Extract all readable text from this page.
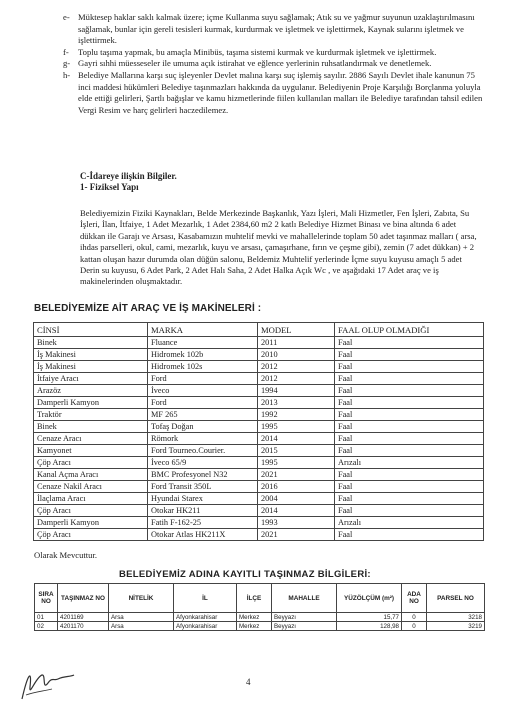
e- Müktesep haklar saklı kalmak üzere; içme Kullanma suyu sağlamak; Atık su ve yağmur suyunun uzaklaştırılmasını sağlamak, bunlar için gereli tesisleri kurmak, kurdurmak ve işletmek ve işlettirmek, Kaynak sularını işletmek ve işlettirmek.

f- Toplu taşıma yapmak, bu amaçla Minibüs, taşıma sistemi kurmak ve kurdurmak işletmek ve işlettirmek.

g- Gayri sıhhi müesseseler ile umuma açık istirahat ve eğlence yerlerinin ruhsatlandırmak ve denetlemek.

h- Belediye Mallarına karşı suç işleyenler Devlet malına karşı suç işlemiş sayılır. 2886 Sayılı Devlet ihale kanunun 75 inci maddesi hükümleri Belediye taşınmazları hakkında da uygulanır. Belediyenin Proje Karşılığı Borçlanma yoluyla elde ettiği gelirleri, Şartlı bağışlar ve kamu hizmetlerinde fiilen kullanılan malları ile Belediye tarafından tahsil edilen Vergi Resim ve harç gelirleri haczedilemez.

C-İdareye ilişkin Bilgiler.
1- Fiziksel Yapı

Belediyemizin Fiziki Kaynakları, Belde Merkezinde Başkanlık, Yazı İşleri, Mali Hizmetler, Fen İşleri, Zabıta, Su İşleri, İlan, İtfaiye, 1 Adet Mezarlık, 1 Adet 2384,60 m2 2 katlı Belediye Hizmet Binası ve bina altında 6 adet dükkan ile Garajı ve Arsası, Kasabamızın muhtelif mevki ve mahallelerinde toplam 50 adet taşınmaz malları ( arsa, ihdas parselleri, okul, cami, mezarlık, kuyu ve arsası, çamaşırhane, fırın ve çeşme gibi), zemin (7 adet dükkan) + 2 kattan oluşan hazır durumda olan düğün salonu, Beldemiz Muhtelif yerlerinde İçme suyu kuyusu amaçlı 5 adet Derin su kuyusu, 6 Adet Park, 2 Adet Halı Saha, 2 Adet Halka Açık Wc , ve aşağıdaki 17 Adet araç ve iş makinelerinden oluşmaktadır.

BELEDİYEMİZE AİT ARAÇ VE İŞ MAKİNELERİ :
CİNSİ	MARKA	MODEL	FAAL OLUP OLMADIĞI
Binek	Fluance	2011	Faal
İş Makinesi	Hidromek 102b	2010	Faal
İş Makinesi	Hidromek 102s	2012	Faal
İtfaiye Aracı	Ford	2012	Faal
Arazöz	İveco	1994	Faal
Damperli Kamyon	Ford	2013	Faal
Traktör	MF 265	1992	Faal
Binek	Tofaş Doğan	1995	Faal
Cenaze Aracı	Römork	2014	Faal
Kamyonet	Ford Tourneo.Courier.	2015	Faal
Çöp Aracı	İveco 65/9	1995	Arızalı
Kanal Açma Aracı	BMC Profesyonel N32	2021	Faal
Cenaze Nakil Aracı	Ford Transit 350L	2016	Faal
İlaçlama Aracı	Hyundai Starex	2004	Faal
Çöp Aracı	Otokar HK211	2014	Faal
Damperli Kamyon	Fatih F-162-25	1993	Arızalı
Çöp Aracı	Otokar Atlas HK211X	2021	Faal
Olarak Mevcuttur.
BELEDİYEMİZ ADINA KAYITLI TAŞINMAZ BİLGİLERİ:
SIRA NO	TAŞINMAZ NO	NİTELİK	İL	İLÇE	MAHALLE	YÜZÖLÇÜM (m²)	ADA NO	PARSEL NO
01	4201169	Arsa	Afyonkarahisar	Merkez	Beyyazı	15,77	0	3218
02	4201170	Arsa	Afyonkarahisar	Merkez	Beyyazı	128,98	0	3219
4
